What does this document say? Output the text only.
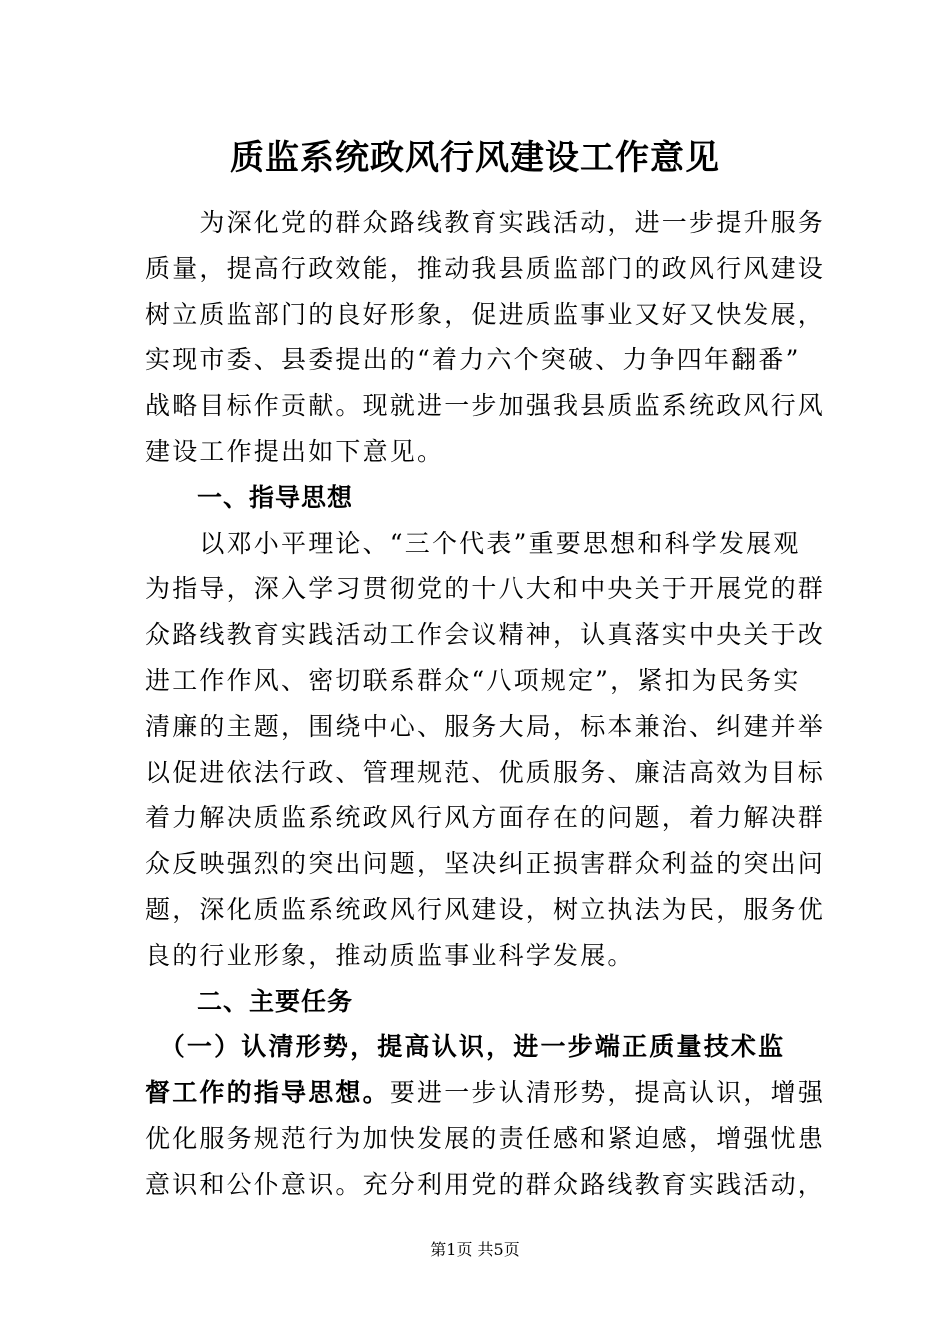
质监系统政风行风建设工作意见
　　为深化党的群众路线教育实践活动，进一步提升服务
质量，提高行政效能，推动我县质监部门的政风行风建设
树立质监部门的良好形象，促进质监事业又好又快发展，
实现市委、县委提出的“着力六个突破、力争四年翻番”
战略目标作贡献。现就进一步加强我县质监系统政风行风
建设工作提出如下意见。
　　一、指导思想
　　以邓小平理论、“三个代表”重要思想和科学发展观
为指导，深入学习贯彻党的十八大和中央关于开展党的群
众路线教育实践活动工作会议精神，认真落实中央关于改
进工作作风、密切联系群众“八项规定”，紧扣为民务实
清廉的主题，围绕中心、服务大局，标本兼治、纠建并举
以促进依法行政、管理规范、优质服务、廉洁高效为目标
着力解决质监系统政风行风方面存在的问题，着力解决群
众反映强烈的突出问题，坚决纠正损害群众利益的突出问
题，深化质监系统政风行风建设，树立执法为民，服务优
良的行业形象，推动质监事业科学发展。
　　二、主要任务
　（一）认清形势，提高认识，进一步端正质量技术监
督工作的指导思想。要进一步认清形势，提高认识，增强
优化服务规范行为加快发展的责任感和紧迫感，增强忧患
意识和公仆意识。充分利用党的群众路线教育实践活动，
第1页 共5页
